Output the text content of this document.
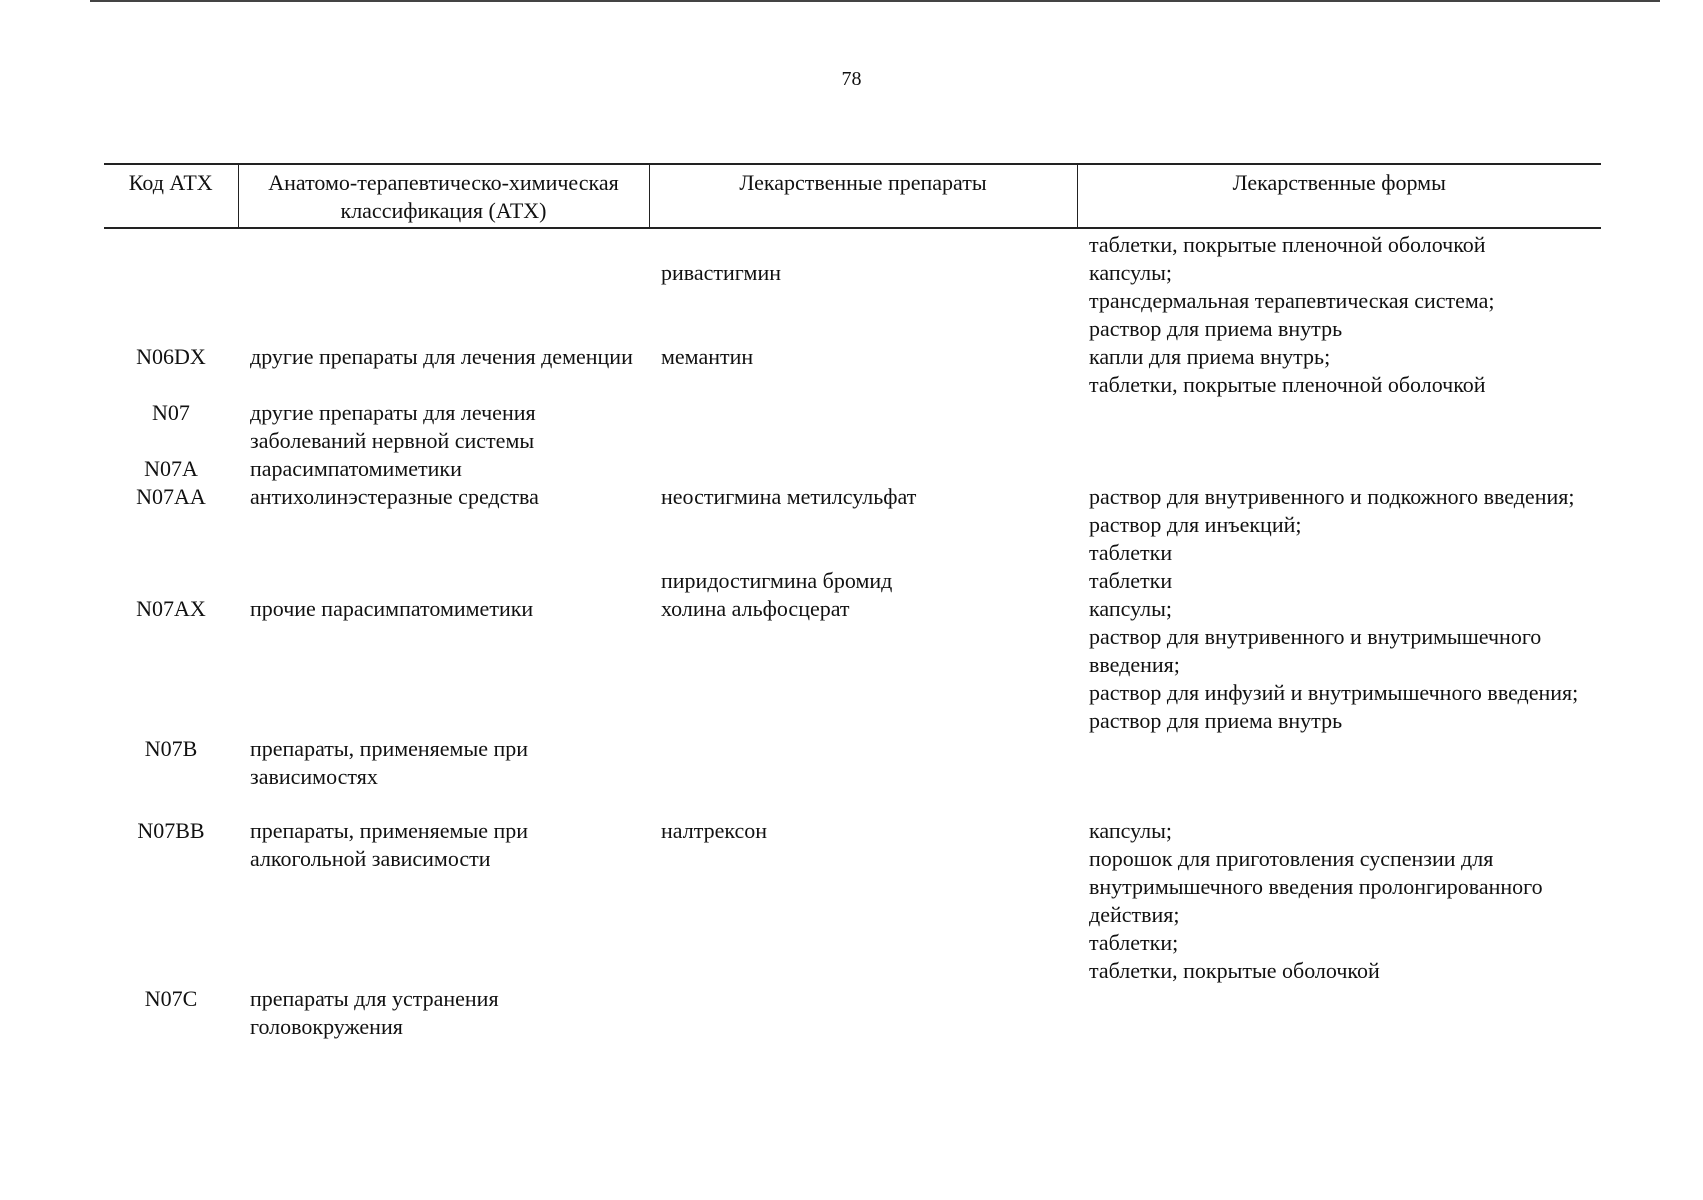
78
Код АТХ	Анатомо-терапевтическо-химическая классификация (АТХ)	Лекарственные препараты	Лекарственные формы

			таблетки, покрытые пленочной оболочкой

		ривастигмин	капсулы;
трансдермальная терапевтическая система;
раствор для приема внутрь

N06DX	другие препараты для лечения деменции	мемантин	капли для приема внутрь;
таблетки, покрытые пленочной оболочкой

N07	другие препараты для лечения заболеваний нервной системы		
N07A	парасимпатомиметики		
N07AA	антихолинэстеразные средства	неостигмина метилсульфат	раствор для внутривенного и подкожного введения;
раствор для инъекций;
таблетки

		пиридостигмина бромид	таблетки

N07AX	прочие парасимпатомиметики	холина альфосцерат	капсулы;
раствор для внутривенного и внутримышечного введения;
раствор для инфузий и внутримышечного введения;
раствор для приема внутрь

N07B	препараты, применяемые при зависимостях		
N07BB	препараты, применяемые при алкогольной зависимости	налтрексон	капсулы;
порошок для приготовления суспензии для внутримышечного введения пролонгированного действия;
таблетки;
таблетки, покрытые оболочкой

N07C	препараты для устранения головокружения		
